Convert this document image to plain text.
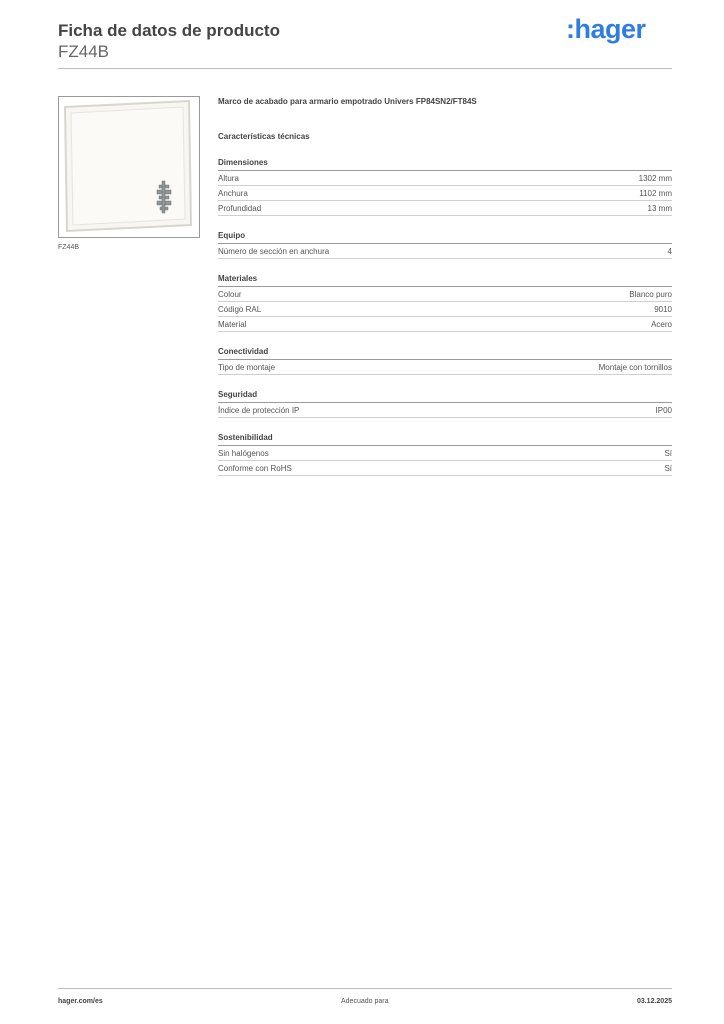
Ficha de datos de producto

FZ44B

:hager
FZ44B

Marco de acabado para armario empotrado Univers FP84SN2/FT84S

Características técnicas

Dimensiones
Altura	1302 mm
Anchura	1102 mm
Profundidad	13 mm
Equipo
Número de sección en anchura	4
Materiales
Colour	Blanco puro
Código RAL	9010
Material	Acero
Conectividad
Tipo de montaje	Montaje con tornillos
Seguridad
Índice de protección IP	IP00
Sostenibilidad
Sin halógenos	Sí
Conforme con RoHS	Sí
hager.com/es	Adecuado para	03.12.2025
